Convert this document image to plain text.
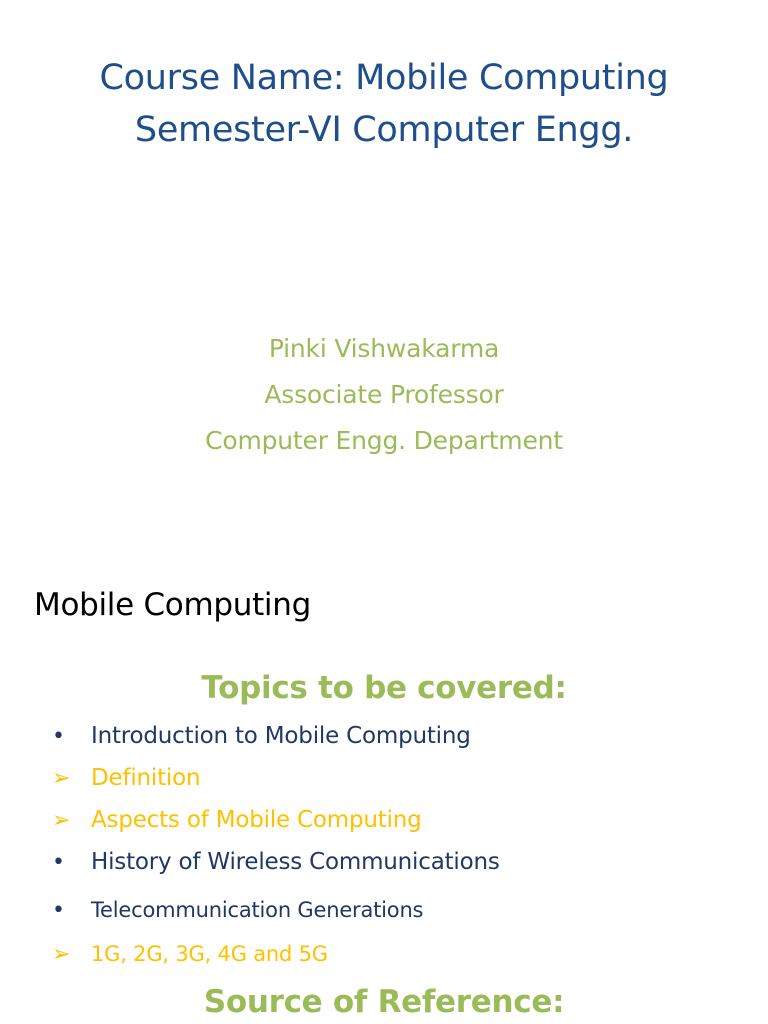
Course Name: Mobile Computing
Semester-VI Computer Engg.
Pinki Vishwakarma
Associate Professor
Computer Engg. Department
Mobile Computing
Topics to be covered:
•	Introduction to Mobile Computing
➢ Definition
➢ Aspects of Mobile Computing
•	History of Wireless Communications
•	Telecommunication Generations
➢ 1G, 2G, 3G, 4G and 5G
Source of Reference:
